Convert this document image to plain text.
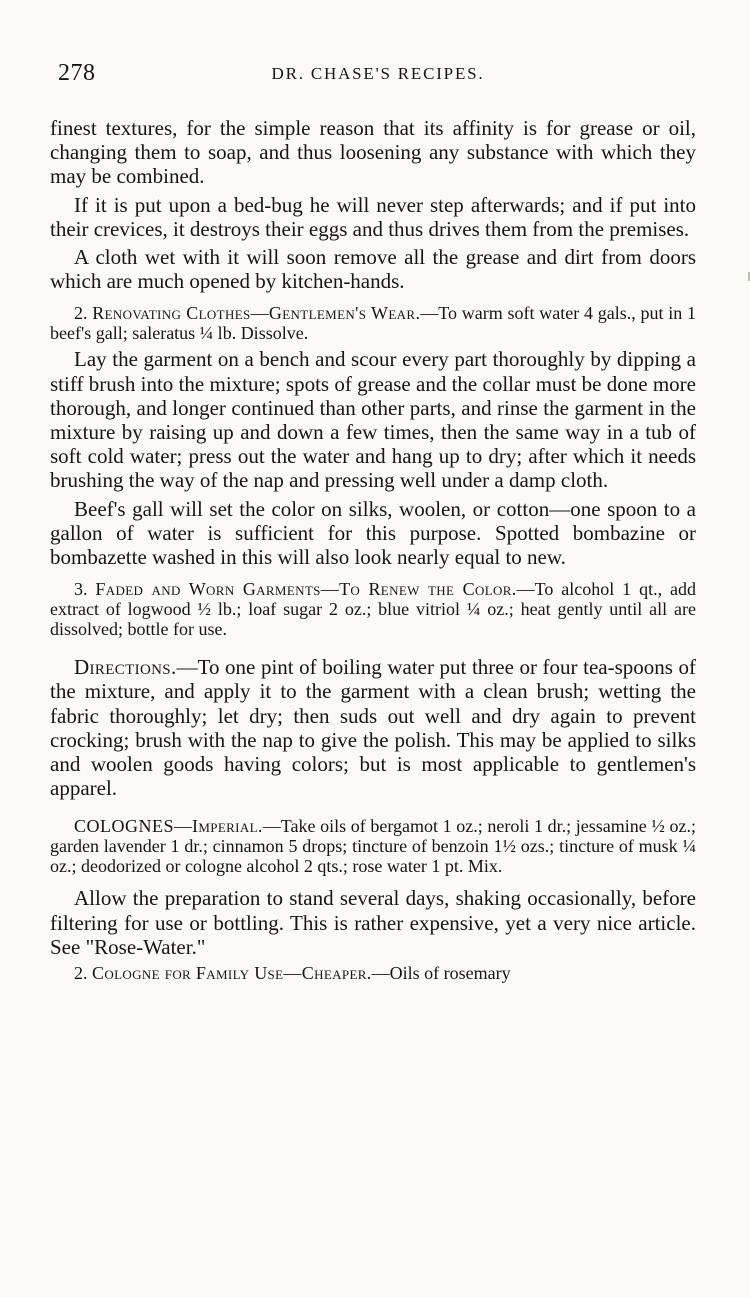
278	DR. CHASE'S RECIPES.

finest textures, for the simple reason that its affinity is for grease or oil, changing them to soap, and thus loosening any substance with which they may be combined.

If it is put upon a bed-bug he will never step afterwards; and if put into their crevices, it destroys their eggs and thus drives them from the premises.

A cloth wet with it will soon remove all the grease and dirt from doors which are much opened by kitchen-hands.

2. Renovating Clothes—Gentlemen's Wear.—To warm soft water 4 gals., put in 1 beef's gall; saleratus ¼ lb. Dissolve.

Lay the garment on a bench and scour every part thoroughly by dipping a stiff brush into the mixture; spots of grease and the collar must be done more thorough, and longer continued than other parts, and rinse the garment in the mixture by raising up and down a few times, then the same way in a tub of soft cold water; press out the water and hang up to dry; after which it needs brushing the way of the nap and pressing well under a damp cloth.

Beef's gall will set the color on silks, woolen, or cotton—one spoon to a gallon of water is sufficient for this purpose. Spotted bombazine or bombazette washed in this will also look nearly equal to new.

3. Faded and Worn Garments—To Renew the Color.—To alcohol 1 qt., add extract of logwood ½ lb.; loaf sugar 2 oz.; blue vitriol ¼ oz.; heat gently until all are dissolved; bottle for use.

Directions.—To one pint of boiling water put three or four tea-spoons of the mixture, and apply it to the garment with a clean brush; wetting the fabric thoroughly; let dry; then suds out well and dry again to prevent crocking; brush with the nap to give the polish. This may be applied to silks and woolen goods having colors; but is most applicable to gentlemen's apparel.

COLOGNES—Imperial.—Take oils of bergamot 1 oz.; neroli 1 dr.; jessamine ½ oz.; garden lavender 1 dr.; cinnamon 5 drops; tincture of benzoin 1½ ozs.; tincture of musk ¼ oz.; deodorized or cologne alcohol 2 qts.; rose water 1 pt. Mix.

Allow the preparation to stand several days, shaking occasionally, before filtering for use or bottling. This is rather expensive, yet a very nice article. See "Rose-Water."

2. Cologne for Family Use—Cheaper.—Oils of rosemary
